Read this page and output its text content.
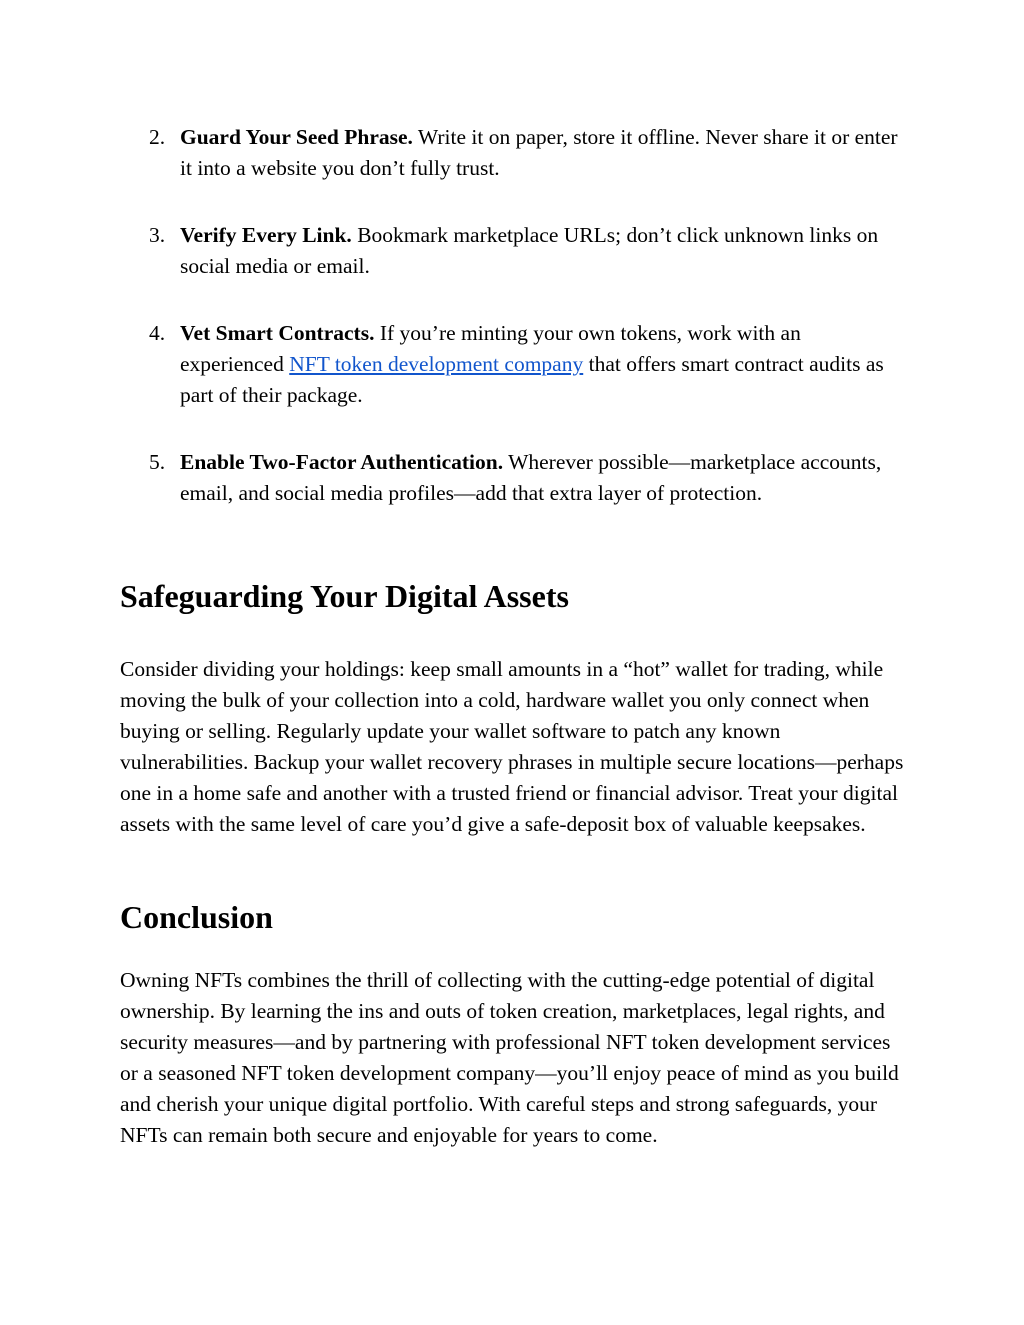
2. Guard Your Seed Phrase. Write it on paper, store it offline. Never share it or enter it into a website you don’t fully trust.
3. Verify Every Link. Bookmark marketplace URLs; don’t click unknown links on social media or email.
4. Vet Smart Contracts. If you’re minting your own tokens, work with an experienced NFT token development company that offers smart contract audits as part of their package.
5. Enable Two‑Factor Authentication. Wherever possible—marketplace accounts, email, and social media profiles—add that extra layer of protection.
Safeguarding Your Digital Assets

Consider dividing your holdings: keep small amounts in a “hot” wallet for trading, while moving the bulk of your collection into a cold, hardware wallet you only connect when buying or selling. Regularly update your wallet software to patch any known vulnerabilities. Backup your wallet recovery phrases in multiple secure locations—perhaps one in a home safe and another with a trusted friend or financial advisor. Treat your digital assets with the same level of care you’d give a safe‑deposit box of valuable keepsakes.

Conclusion

Owning NFTs combines the thrill of collecting with the cutting‑edge potential of digital ownership. By learning the ins and outs of token creation, marketplaces, legal rights, and security measures—and by partnering with professional NFT token development services or a seasoned NFT token development company—you’ll enjoy peace of mind as you build and cherish your unique digital portfolio. With careful steps and strong safeguards, your NFTs can remain both secure and enjoyable for years to come.
